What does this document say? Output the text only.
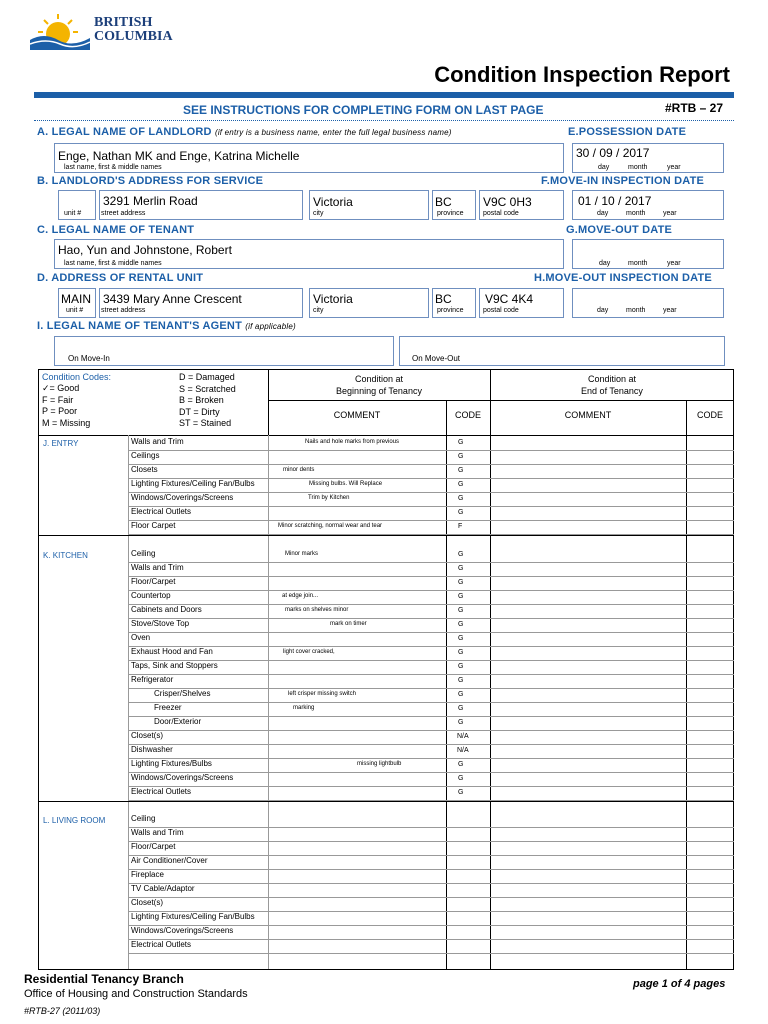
BRITISH
COLUMBIA
Condition Inspection Report
SEE INSTRUCTIONS FOR COMPLETING FORM ON LAST PAGE	#RTB – 27
A. LEGAL NAME OF LANDLORD (if entry is a business name, enter the full legal business name)	E.POSSESSION DATE
Enge, Nathan MK and Enge, Katrina Michelle
last name, first & middle names
30 / 09 / 2017
day	month	year
B. LANDLORD'S ADDRESS FOR SERVICE	F.MOVE-IN INSPECTION DATE
unit #
3291 Merlin Road
street address
Victoria
city
BC
province
V9C 0H3
postal code
01 / 10 / 2017
day	month	year
C. LEGAL NAME OF TENANT	G.MOVE-OUT DATE
Hao, Yun and Johnstone, Robert
last name, first & middle names	day	month	year
D. ADDRESS OF RENTAL UNIT	H.MOVE-OUT INSPECTION DATE
MAIN
unit #
3439 Mary Anne Crescent
street address
Victoria
city
BC
province
V9C 4K4
postal code	day	month	year
I. LEGAL NAME OF TENANT'S AGENT (if applicable)
On Move-In	On Move-Out
Condition Codes:
✓= Good
F = Fair
P = Poor
M = Missing
D = Damaged
S = Scratched
B = Broken
DT = Dirty
ST = Stained
Condition at
Beginning of Tenancy
Condition at
End of Tenancy
COMMENT	CODE	COMMENT	CODE
J. ENTRY	Walls and Trim	Nails and hole marks from previous	G
Ceilings	G
Closets	minor dents	G
Lighting Fixtures/Ceiling Fan/Bulbs	Missing bulbs. Will Replace	G
Windows/Coverings/Screens	Trim by Kitchen	G
Electrical Outlets	G
Floor Carpet	Minor scratching, normal wear and tear	F
K. KITCHEN	Ceiling	Minor marks	G
Walls and Trim	G
Floor/Carpet	G
Countertop	at edge join...	G
Cabinets and Doors	marks on shelves minor	G
Stove/Stove Top	mark on timer	G
Oven	G
Exhaust Hood and Fan	light cover cracked,	G
Taps, Sink and Stoppers	G
Refrigerator	G
Crisper/Shelves	left crisper missing switch	G
Freezer	marking	G
Door/Exterior	G
Closet(s)	N/A
Dishwasher	N/A
Lighting Fixtures/Bulbs	missing lightbulb	G
Windows/Coverings/Screens	G
Electrical Outlets	G
L. LIVING ROOM	Ceiling
Walls and Trim
Floor/Carpet
Air Conditioner/Cover
Fireplace
TV Cable/Adaptor
Closet(s)
Lighting Fixtures/Ceiling Fan/Bulbs
Windows/Coverings/Screens
Electrical Outlets
Residential Tenancy Branch
Office of Housing and Construction Standards
#RTB-27 (2011/03)
page 1 of 4 pages
